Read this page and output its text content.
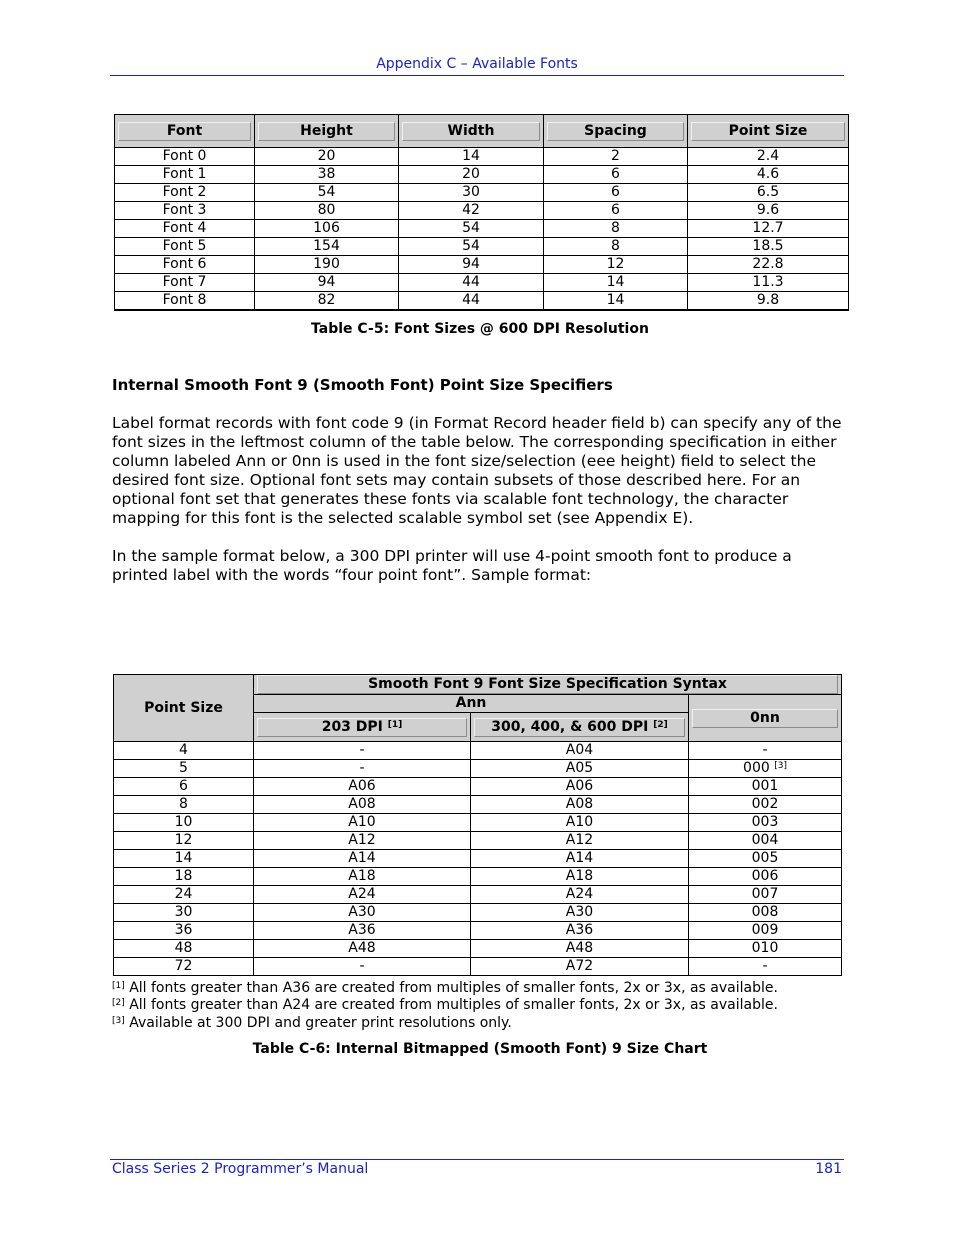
Appendix C – Available Fonts
Font	Height	Width	Spacing	Point Size

Font 0	20	14	2	2.4
Font 1	38	20	6	4.6
Font 2	54	30	6	6.5
Font 3	80	42	6	9.6
Font 4	106	54	8	12.7
Font 5	154	54	8	18.5
Font 6	190	94	12	22.8
Font 7	94	44	14	11.3
Font 8	82	44	14	9.8
Table C-5: Font Sizes @ 600 DPI Resolution
Internal Smooth Font 9 (Smooth Font) Point Size Specifiers
Label format records with font code 9 (in Format Record header field b) can specify any of the font sizes in the leftmost column of the table below. The corresponding specification in either column labeled Ann or 0nn is used in the font size/selection (eee height) field to select the desired font size. Optional font sets may contain subsets of those described here. For an optional font set that generates these fonts via scalable font technology, the character mapping for this font is the selected scalable symbol set (see Appendix E).
In the sample format below, a 300 DPI printer will use 4-point smooth font to produce a printed label with the words “four point font”. Sample format:
Point Size	Smooth Font 9 Font Size Specification Syntax		

	Ann		0nn

	203 DPI [1]	300, 400, & 600 DPI [2]

4	-	A04	-
5	-	A05	000 [3]
6	A06	A06	001
8	A08	A08	002
10	A10	A10	003
12	A12	A12	004
14	A14	A14	005
18	A18	A18	006
24	A24	A24	007
30	A30	A30	008
36	A36	A36	009
48	A48	A48	010
72	-	A72	-
[1] All fonts greater than A36 are created from multiples of smaller fonts, 2x or 3x, as available.
[2] All fonts greater than A24 are created from multiples of smaller fonts, 2x or 3x, as available.
[3] Available at 300 DPI and greater print resolutions only.
Table C-6: Internal Bitmapped (Smooth Font) 9 Size Chart
Class Series 2 Programmer’s Manual	181
